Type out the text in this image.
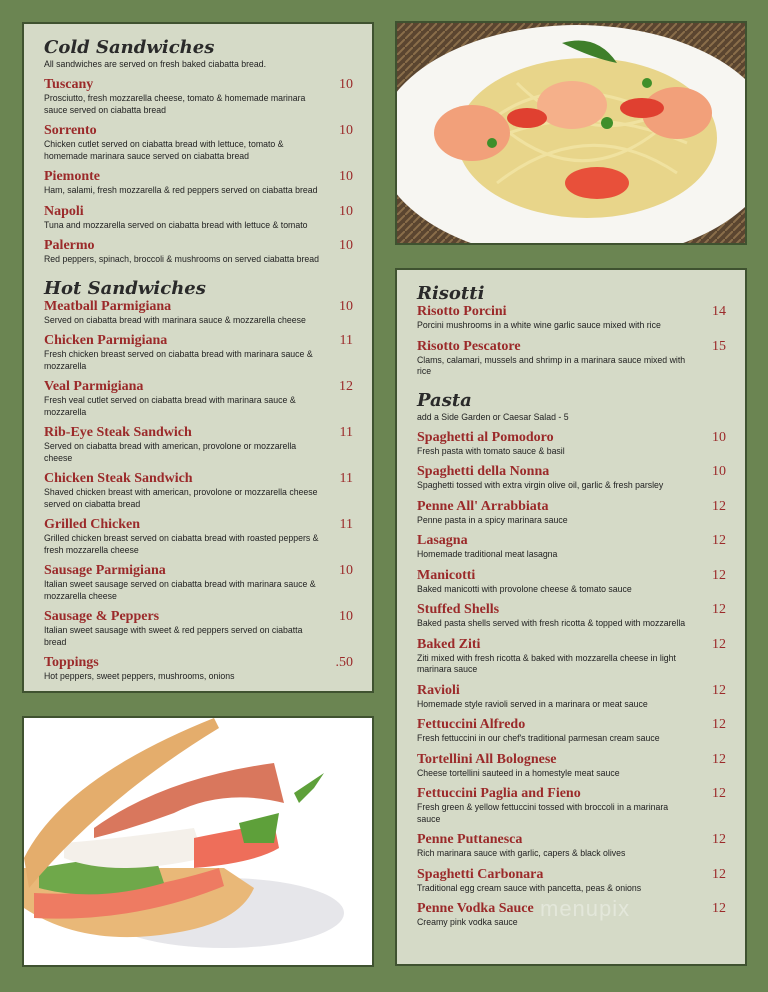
Cold Sandwiches
All sandwiches are served on fresh baked ciabatta bread.
Tuscany	10
Prosciutto, fresh mozzarella cheese, tomato & homemade marinara sauce served on ciabatta bread
Sorrento	10
Chicken cutlet served on ciabatta bread with lettuce, tomato & homemade marinara sauce served on ciabatta bread
Piemonte	10
Ham, salami, fresh mozzarella & red peppers served on ciabatta bread
Napoli	10
Tuna and mozzarella served on ciabatta bread with lettuce & tomato
Palermo	10
Red peppers, spinach, broccoli & mushrooms on served ciabatta bread
Hot Sandwiches
Meatball Parmigiana	10
Served on ciabatta bread with marinara sauce & mozzarella cheese
Chicken Parmigiana	11
Fresh chicken breast served on ciabatta bread with marinara sauce & mozzarella
Veal Parmigiana	12
Fresh veal cutlet served on ciabatta bread with marinara sauce & mozzarella
Rib-Eye Steak Sandwich	11
Served on ciabatta bread with american, provolone or mozzarella cheese
Chicken Steak Sandwich	11
Shaved chicken breast with american, provolone or mozzarella cheese served on ciabatta bread
Grilled Chicken	11
Grilled chicken breast served on ciabatta bread with roasted peppers & fresh mozzarella cheese
Sausage Parmigiana	10
Italian sweet sausage served on ciabatta bread with marinara sauce & mozzarella cheese
Sausage & Peppers	10
Italian sweet sausage with sweet & red peppers served on ciabatta bread
Toppings	.50
Hot peppers, sweet peppers, mushrooms, onions
Risotti
Risotto Porcini	14
Porcini mushrooms in a white wine garlic sauce mixed with rice
Risotto Pescatore	15
Clams, calamari, mussels and shrimp in a marinara sauce mixed with rice
Pasta
add a Side Garden or Caesar Salad - 5
Spaghetti al Pomodoro	10
Fresh pasta with tomato sauce & basil
Spaghetti della Nonna	10
Spaghetti tossed with extra virgin olive oil, garlic & fresh parsley
Penne All' Arrabbiata	12
Penne pasta in a spicy marinara sauce
Lasagna	12
Homemade traditional meat lasagna
Manicotti	12
Baked manicotti with provolone cheese & tomato sauce
Stuffed Shells	12
Baked pasta shells served with fresh ricotta & topped with mozzarella
Baked Ziti	12
Ziti mixed with fresh ricotta & baked with mozzarella cheese in light marinara sauce
Ravioli	12
Homemade style ravioli served in a marinara or meat sauce
Fettuccini Alfredo	12
Fresh fettuccini in our chef's traditional parmesan cream sauce
Tortellini All Bolognese	12
Cheese tortellini sauteed in a homestyle meat sauce
Fettuccini Paglia and Fieno	12
Fresh green & yellow fettuccini tossed with broccoli in a marinara sauce
Penne Puttanesca	12
Rich marinara sauce with garlic, capers & black olives
Spaghetti Carbonara	12
Traditional egg cream sauce with pancetta, peas & onions
Penne Vodka Sauce	12
Creamy pink vodka sauce
menupix
